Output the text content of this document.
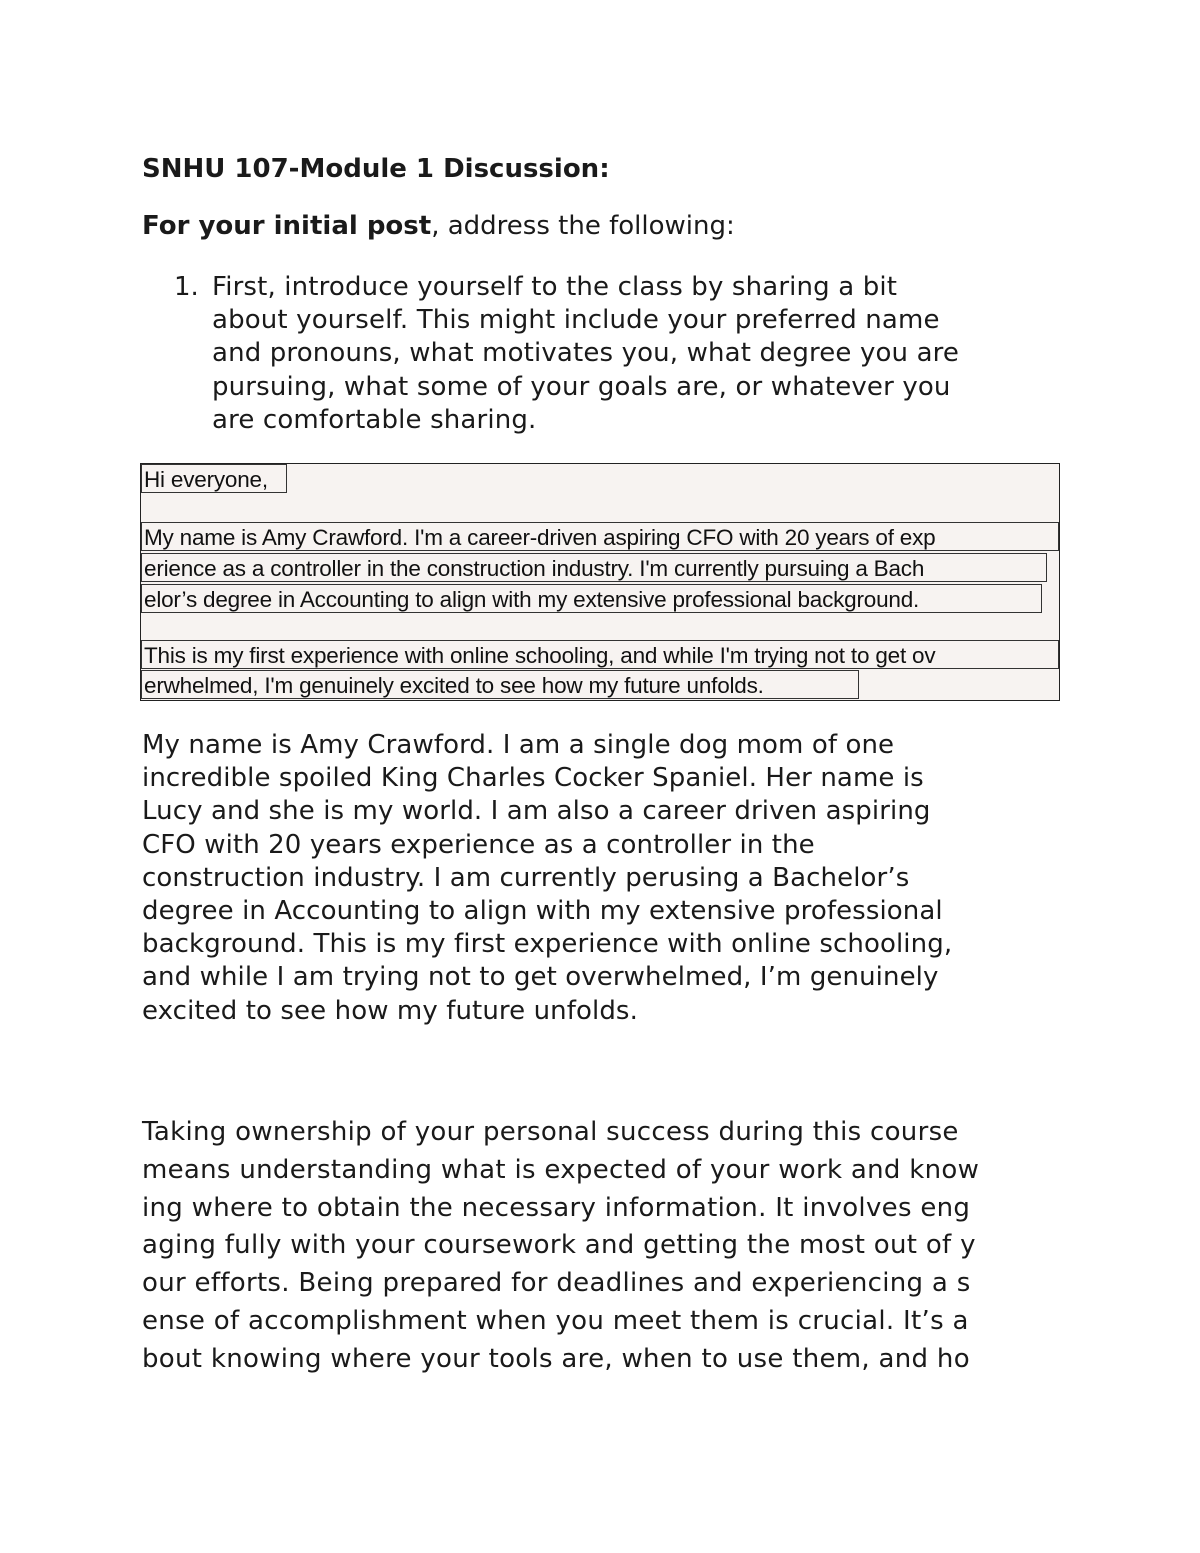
SNHU 107-Module 1 Discussion:
For your initial post, address the following:
1. First, introduce yourself to the class by sharing a bit
about yourself. This might include your preferred name
and pronouns, what motivates you, what degree you are
pursuing, what some of your goals are, or whatever you
are comfortable sharing.
Hi everyone,
My name is Amy Crawford. I'm a career-driven aspiring CFO with 20 years of exp
erience as a controller in the construction industry. I'm currently pursuing a Bach
elor’s degree in Accounting to align with my extensive professional background.
This is my first experience with online schooling, and while I'm trying not to get ov
erwhelmed, I'm genuinely excited to see how my future unfolds.
My name is Amy Crawford. I am a single dog mom of one
incredible spoiled King Charles Cocker Spaniel. Her name is
Lucy and she is my world. I am also a career driven aspiring
CFO with 20 years experience as a controller in the
construction industry. I am currently perusing a Bachelor’s
degree in Accounting to align with my extensive professional
background. This is my first experience with online schooling,
and while I am trying not to get overwhelmed, I’m genuinely
excited to see how my future unfolds.
Taking ownership of your personal success during this course
means understanding what is expected of your work and know
ing where to obtain the necessary information. It involves eng
aging fully with your coursework and getting the most out of y
our efforts. Being prepared for deadlines and experiencing a s
ense of accomplishment when you meet them is crucial. It’s a
bout knowing where your tools are, when to use them, and ho
